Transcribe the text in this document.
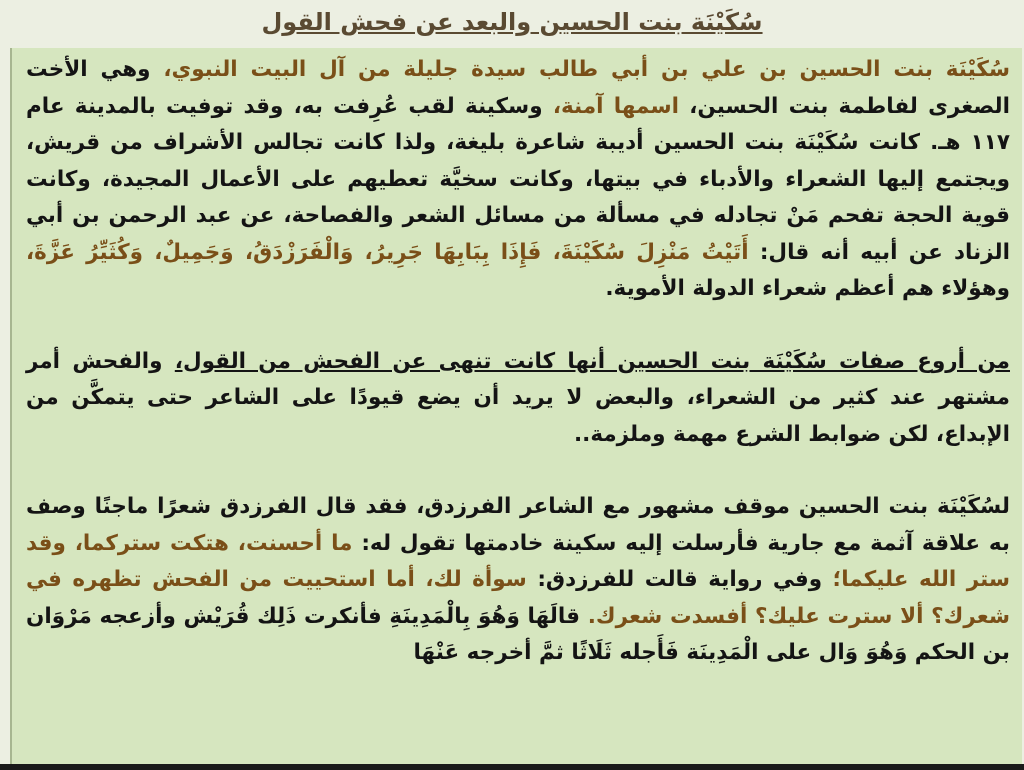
سُكَيْنَة بنت الحسين والبعد عن فحش القول

سُكَيْنَة بنت الحسين بن علي بن أبي طالب سيدة جليلة من آل البيت النبوي، وهي الأخت الصغرى لفاطمة بنت الحسين، اسمها آمنة، وسكينة لقب عُرِفت به، وقد توفيت بالمدينة عام ١١٧ هـ. كانت سُكَيْنَة بنت الحسين أديبة شاعرة بليغة، ولذا كانت تجالس الأشراف من قريش، ويجتمع إليها الشعراء والأدباء في بيتها، وكانت سخيَّة تعطيهم على الأعمال المجيدة، وكانت قوية الحجة تفحم مَنْ تجادله في مسألة من مسائل الشعر والفصاحة، عن عبد الرحمن بن أبي الزناد عن أبيه أنه قال: أَتَيْتُ مَنْزِلَ سُكَيْنَةَ، فَإِذَا بِبَابِهَا جَرِيرُ، وَالْفَرَزْدَقُ، وَجَمِيلٌ، وَكُثَيِّرُ عَزَّةَ، وهؤلاء هم أعظم شعراء الدولة الأموية.

من أروع صفات سُكَيْنَة بنت الحسين أنها كانت تنهى عن الفحش من القول، والفحش أمر مشتهر عند كثير من الشعراء، والبعض لا يريد أن يضع قيودًا على الشاعر حتى يتمكَّن من الإبداع، لكن ضوابط الشرع مهمة وملزمة..

لسُكَيْنَة بنت الحسين موقف مشهور مع الشاعر الفرزدق، فقد قال الفرزدق شعرًا ماجنًا وصف به علاقة آثمة مع جارية فأرسلت إليه سكينة خادمتها تقول له: ما أحسنت، هتكت ستركما، وقد ستر الله عليكما؛ وفي رواية قالت للفرزدق: سوأة لك، أما استحييت من الفحش تظهره في شعرك؟ ألا سترت عليك؟ أفسدت شعرك. قالَهَا وَهُوَ بِالْمَدِينَةِ فأنكرت ذَلِك قُرَيْش وأزعجه مَرْوَان بن الحكم وَهُوَ وَال على الْمَدِينَة فَأَجله ثَلَاثًا ثمَّ أخرجه عَنْهَا
